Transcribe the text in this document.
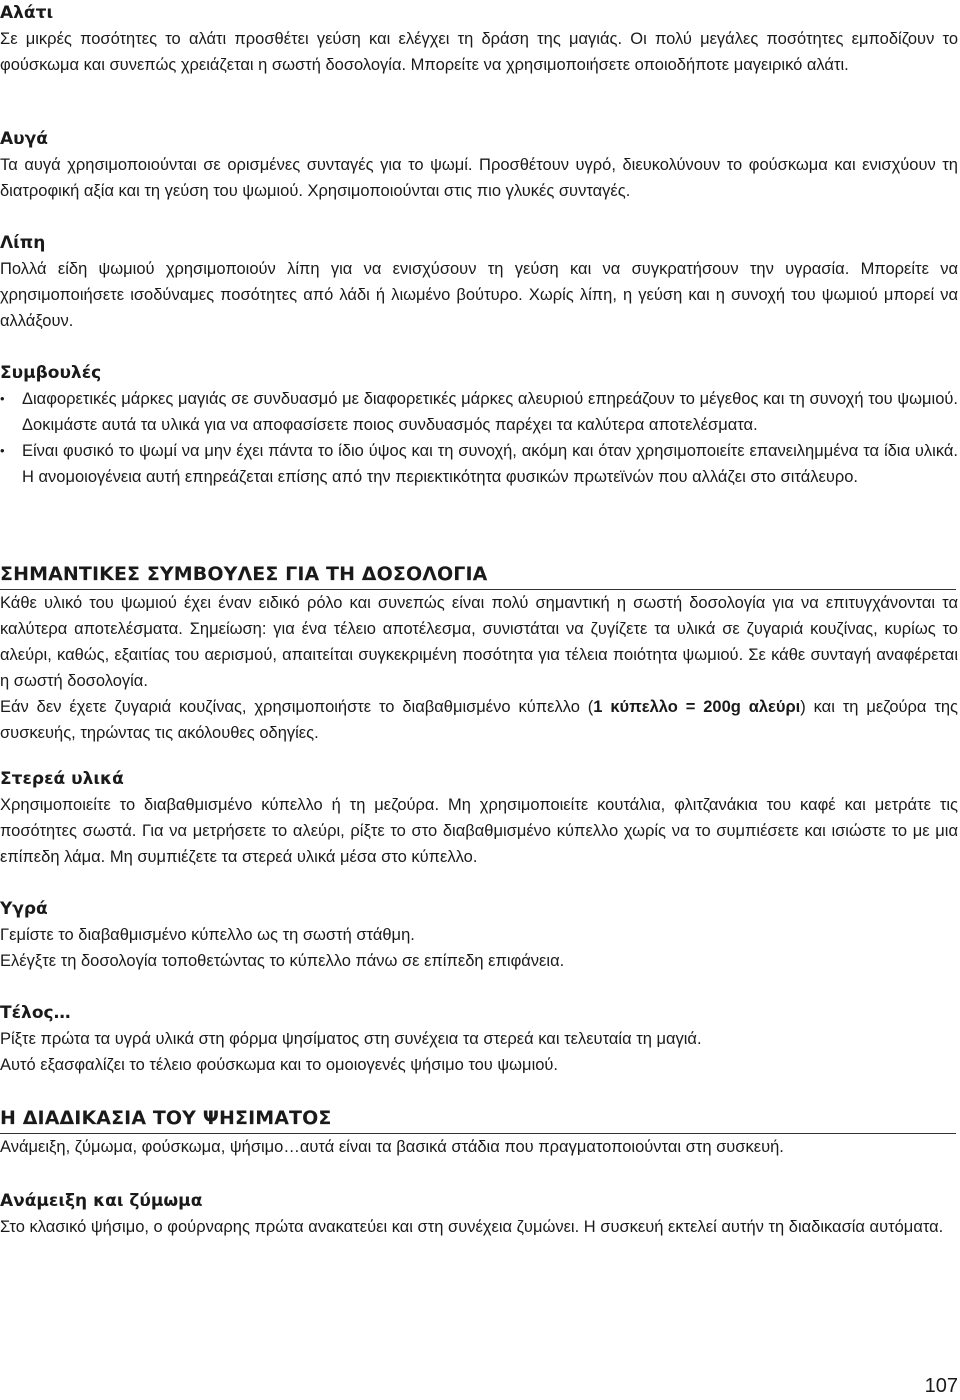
Αλάτι

Σε μικρές ποσότητες το αλάτι προσθέτει γεύση και ελέγχει τη δράση της μαγιάς. Οι πολύ μεγάλες ποσότητες εμποδίζουν το φούσκωμα και συνεπώς χρειάζεται η σωστή δοσολογία. Μπορείτε να χρησιμοποιήσετε οποιοδήποτε μαγειρικό αλάτι.

Αυγά

Τα αυγά χρησιμοποιούνται σε ορισμένες συνταγές για το ψωμί. Προσθέτουν υγρό, διευκολύνουν το φούσκωμα και ενισχύουν τη διατροφική αξία και τη γεύση του ψωμιού. Χρησιμοποιούνται στις πιο γλυκές συνταγές.

Λίπη

Πολλά είδη ψωμιού χρησιμοποιούν λίπη για να ενισχύσουν τη γεύση και να συγκρατήσουν την υγρασία. Μπορείτε να χρησιμοποιήσετε ισοδύναμες ποσότητες από λάδι ή λιωμένο βούτυρο. Χωρίς λίπη, η γεύση και η συνοχή του ψωμιού μπορεί να αλλάξουν.

Συμβουλές
• Διαφορετικές μάρκες μαγιάς σε συνδυασμό με διαφορετικές μάρκες αλευριού επηρεάζουν το μέγεθος και τη συνοχή του ψωμιού. Δοκιμάστε αυτά τα υλικά για να αποφασίσετε ποιος συνδυασμός παρέχει τα καλύτερα αποτελέσματα.
• Είναι φυσικό το ψωμί να μην έχει πάντα το ίδιο ύψος και τη συνοχή, ακόμη και όταν χρησιμοποιείτε επανειλημμένα τα ίδια υλικά. Η ανομοιογένεια αυτή επηρεάζεται επίσης από την περιεκτικότητα φυσικών πρωτεϊνών που αλλάζει στο σιτάλευρο.
ΣΗΜΑΝΤΙΚΕΣ ΣΥΜΒΟΥΛΕΣ ΓΙΑ ΤΗ ΔΟΣΟΛΟΓΙΑ

Κάθε υλικό του ψωμιού έχει έναν ειδικό ρόλο και συνεπώς είναι πολύ σημαντική η σωστή δοσολογία για να επιτυγχάνονται τα καλύτερα αποτελέσματα. Σημείωση: για ένα τέλειο αποτέλεσμα, συνιστάται να ζυγίζετε τα υλικά σε ζυγαριά κουζίνας, κυρίως το αλεύρι, καθώς, εξαιτίας του αερισμού, απαιτείται συγκεκριμένη ποσότητα για τέλεια ποιότητα ψωμιού. Σε κάθε συνταγή αναφέρεται η σωστή δοσολογία.

Εάν δεν έχετε ζυγαριά κουζίνας, χρησιμοποιήστε το διαβαθμισμένο κύπελλο (1 κύπελλο = 200g αλεύρι) και τη μεζούρα της συσκευής, τηρώντας τις ακόλουθες οδηγίες.

Στερεά υλικά

Χρησιμοποιείτε το διαβαθμισμένο κύπελλο ή τη μεζούρα. Μη χρησιμοποιείτε κουτάλια, φλιτζανάκια του καφέ και μετράτε τις ποσότητες σωστά. Για να μετρήσετε το αλεύρι, ρίξτε το στο διαβαθμισμένο κύπελλο χωρίς να το συμπιέσετε και ισιώστε το με μια επίπεδη λάμα. Μη συμπιέζετε τα στερεά υλικά μέσα στο κύπελλο.

Υγρά

Γεμίστε το διαβαθμισμένο κύπελλο ως τη σωστή στάθμη.

Ελέγξτε τη δοσολογία τοποθετώντας το κύπελλο πάνω σε επίπεδη επιφάνεια.

Τέλος…

Ρίξτε πρώτα τα υγρά υλικά στη φόρμα ψησίματος στη συνέχεια τα στερεά και τελευταία τη μαγιά.

Αυτό εξασφαλίζει το τέλειο φούσκωμα και το ομοιογενές ψήσιμο του ψωμιού.

Η ΔΙΑΔΙΚΑΣΙΑ ΤΟΥ ΨΗΣΙΜΑΤΟΣ

Ανάμειξη, ζύμωμα, φούσκωμα, ψήσιμο…αυτά είναι τα βασικά στάδια που πραγματοποιούνται στη συσκευή.

Ανάμειξη και ζύμωμα

Στο κλασικό ψήσιμο, ο φούρναρης πρώτα ανακατεύει και στη συνέχεια ζυμώνει. Η συσκευή εκτελεί αυτήν τη διαδικασία αυτόματα.

107
